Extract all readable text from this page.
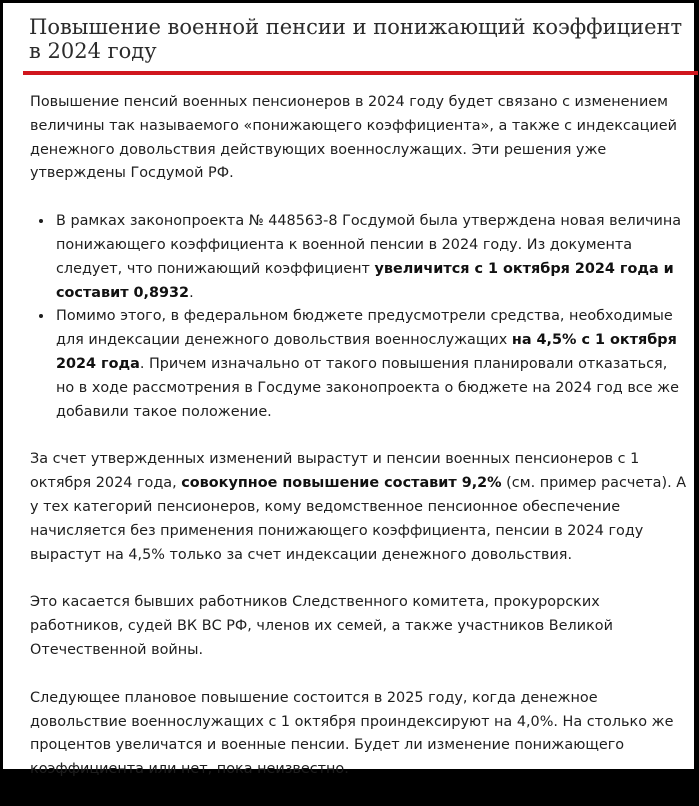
Повышение военной пенсии и понижающий коэффициент в 2024 году

Повышение пенсий военных пенсионеров в 2024 году будет связано с изменением величины так называемого «понижающего коэффициента», а также с индексацией денежного довольствия действующих военнослужащих. Эти решения уже утверждены Госдумой РФ.

• В рамках законопроекта № 448563-8 Госдумой была утверждена новая величина понижающего коэффициента к военной пенсии в 2024 году. Из документа следует, что понижающий коэффициент увеличится с 1 октября 2024 года и составит 0,8932.
• Помимо этого, в федеральном бюджете предусмотрели средства, необходимые для индексации денежного довольствия военнослужащих на 4,5% с 1 октября 2024 года. Причем изначально от такого повышения планировали отказаться, но в ходе рассмотрения в Госдуме законопроекта о бюджете на 2024 год все же добавили такое положение.

За счет утвержденных изменений вырастут и пенсии военных пенсионеров с 1 октября 2024 года, совокупное повышение составит 9,2% (см. пример расчета). А у тех категорий пенсионеров, кому ведомственное пенсионное обеспечение начисляется без применения понижающего коэффициента, пенсии в 2024 году вырастут на 4,5% только за счет индексации денежного довольствия.

Это касается бывших работников Следственного комитета, прокурорских работников, судей ВК ВС РФ, членов их семей, а также участников Великой Отечественной войны.

Следующее плановое повышение состоится в 2025 году, когда денежное довольствие военнослужащих с 1 октября проиндексируют на 4,0%. На столько же процентов увеличатся и военные пенсии. Будет ли изменение понижающего коэффициента или нет, пока неизвестно.
